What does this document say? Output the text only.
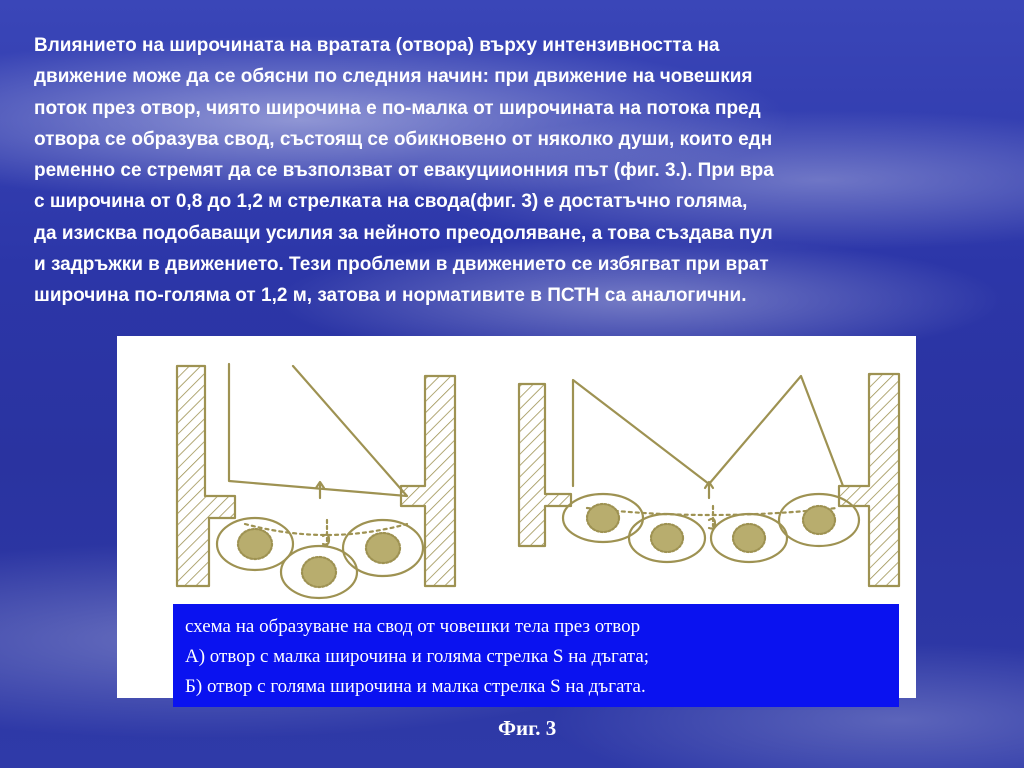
Влиянието на широчината на вратата (отвора) върху интензивността на
движение може да се обясни по следния начин: при движение на човешкия
поток през отвор, чиято широчина е по-малка от широчината на потока пред
отвора се образува свод, състоящ се обикновено от няколко души, които едн
ременно се стремят да се възползват от евакуциионния път (фиг. 3.). При вра
с широчина от 0,8 до 1,2 м стрелката на свода(фиг. 3) е достатъчно голяма,
да изисква подобаващи усилия за нейното преодоляване, а това създава пул
и задръжки в движението. Тези проблеми в движението се избягват при врат
широчина по-голяма от 1,2 м, затова и нормативите в ПСТН са аналогични.

схема на образуване на свод от човешки тела през отвор
А) отвор с малка широчина и голяма стрелка S на дъгата;
Б) отвор с голяма широчина и малка стрелка S на дъгата.
Фиг. 3
